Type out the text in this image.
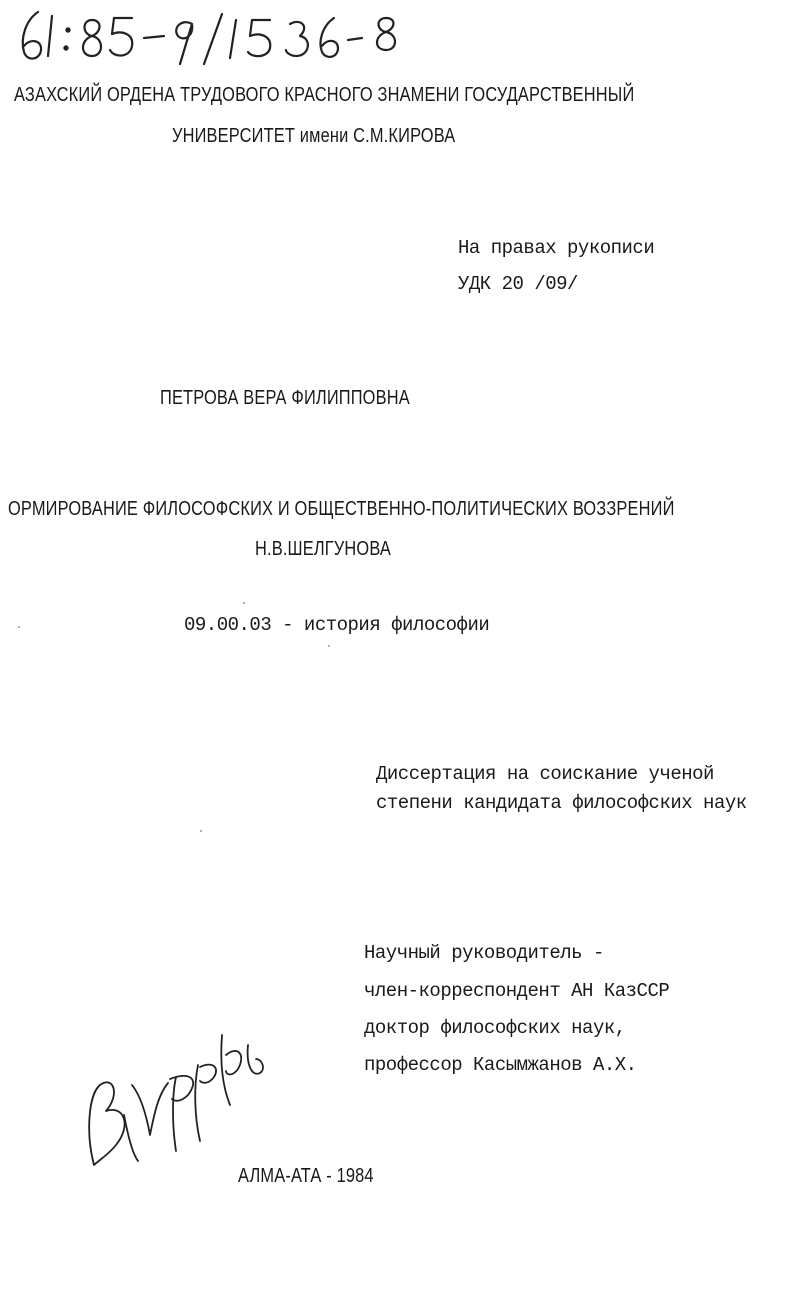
АЗАХСКИЙ ОРДЕНА ТРУДОВОГО КРАСНОГО ЗНАМЕНИ ГОСУДАРСТВЕННЫЙ
УНИВЕРСИТЕТ имени С.М.КИРОВА
На правах рукописи
УДК 20 /09/
ПЕТРОВА ВЕРА ФИЛИППОВНА
ОРМИРОВАНИЕ ФИЛОСОФСКИХ И ОБЩЕСТВЕННО-ПОЛИТИЧЕСКИХ ВОЗЗРЕНИЙ
Н.В.ШЕЛГУНОВА
09.00.03 - история философии
Диссертация на соискание ученой
степени кандидата философских наук
Научный руководитель -
член-корреспондент АН КазССР
доктор философских наук,
профессор Касымжанов А.Х.
АЛМА-АТА - 1984
